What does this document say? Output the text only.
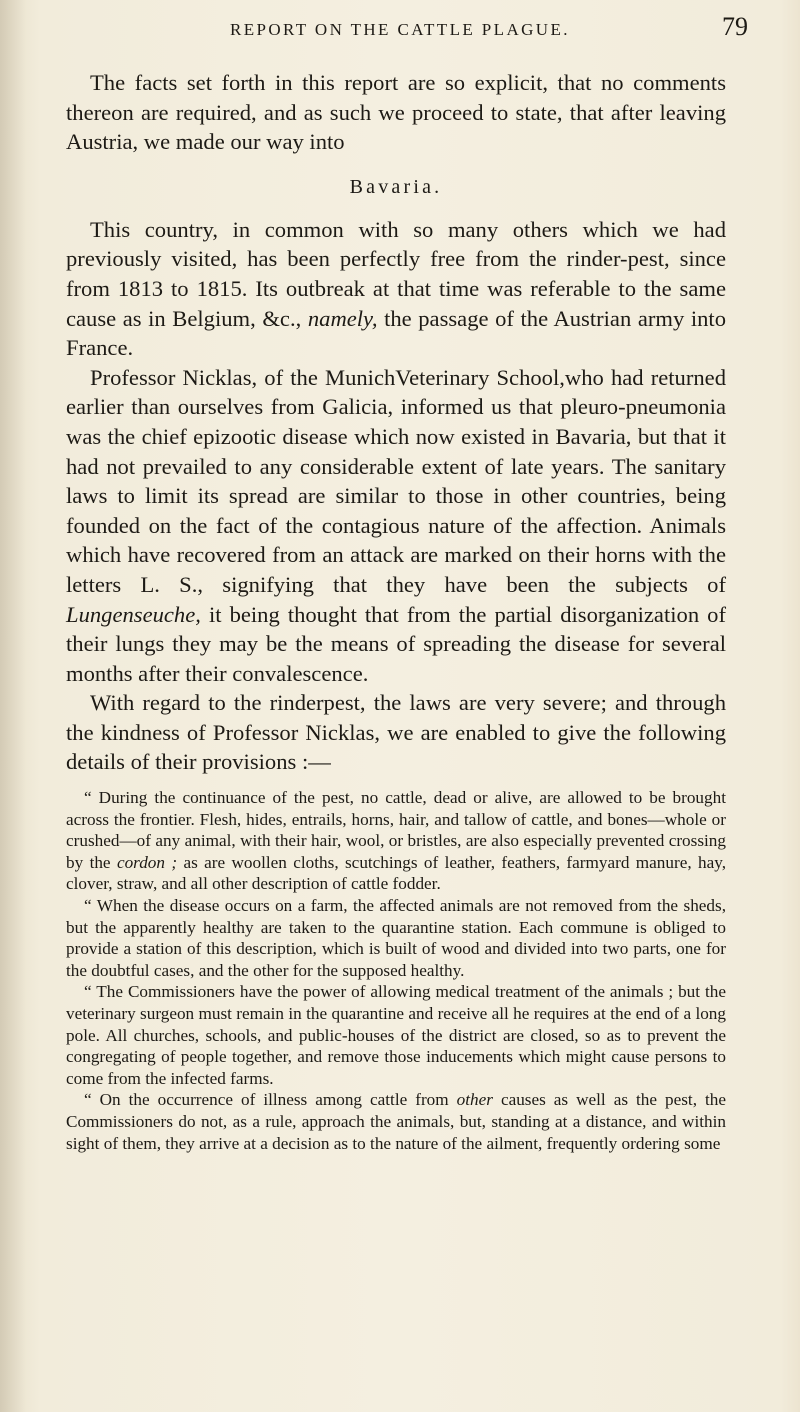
REPORT ON THE CATTLE PLAGUE.	79

The facts set forth in this report are so explicit, that no comments thereon are required, and as such we proceed to state, that after leaving Austria, we made our way into

Bavaria.

This country, in common with so many others which we had previously visited, has been perfectly free from the rinder-pest, since from 1813 to 1815. Its outbreak at that time was referable to the same cause as in Belgium, &c., namely, the passage of the Austrian army into France.

Professor Nicklas, of the MunichVeterinary School,who had returned earlier than ourselves from Galicia, informed us that pleuro-pneumonia was the chief epizootic disease which now existed in Bavaria, but that it had not prevailed to any considerable extent of late years. The sanitary laws to limit its spread are similar to those in other countries, being founded on the fact of the contagious nature of the affection. Animals which have recovered from an attack are marked on their horns with the letters L. S., signifying that they have been the subjects of Lungenseuche, it being thought that from the partial disorganization of their lungs they may be the means of spreading the disease for several months after their convalescence.

With regard to the rinderpest, the laws are very severe; and through the kindness of Professor Nicklas, we are enabled to give the following details of their provisions :—

“ During the continuance of the pest, no cattle, dead or alive, are allowed to be brought across the frontier. Flesh, hides, entrails, horns, hair, and tallow of cattle, and bones—whole or crushed—of any animal, with their hair, wool, or bristles, are also especially prevented crossing by the cordon ; as are woollen cloths, scutchings of leather, feathers, farmyard manure, hay, clover, straw, and all other description of cattle fodder.

“ When the disease occurs on a farm, the affected animals are not removed from the sheds, but the apparently healthy are taken to the quarantine station. Each commune is obliged to provide a station of this description, which is built of wood and divided into two parts, one for the doubtful cases, and the other for the supposed healthy.

“ The Commissioners have the power of allowing medical treatment of the animals ; but the veterinary surgeon must remain in the quarantine and receive all he requires at the end of a long pole. All churches, schools, and public-houses of the district are closed, so as to prevent the congregating of people together, and remove those inducements which might cause persons to come from the infected farms.

“ On the occurrence of illness among cattle from other causes as well as the pest, the Commissioners do not, as a rule, approach the animals, but, standing at a distance, and within sight of them, they arrive at a decision as to the nature of the ailment, frequently ordering some
